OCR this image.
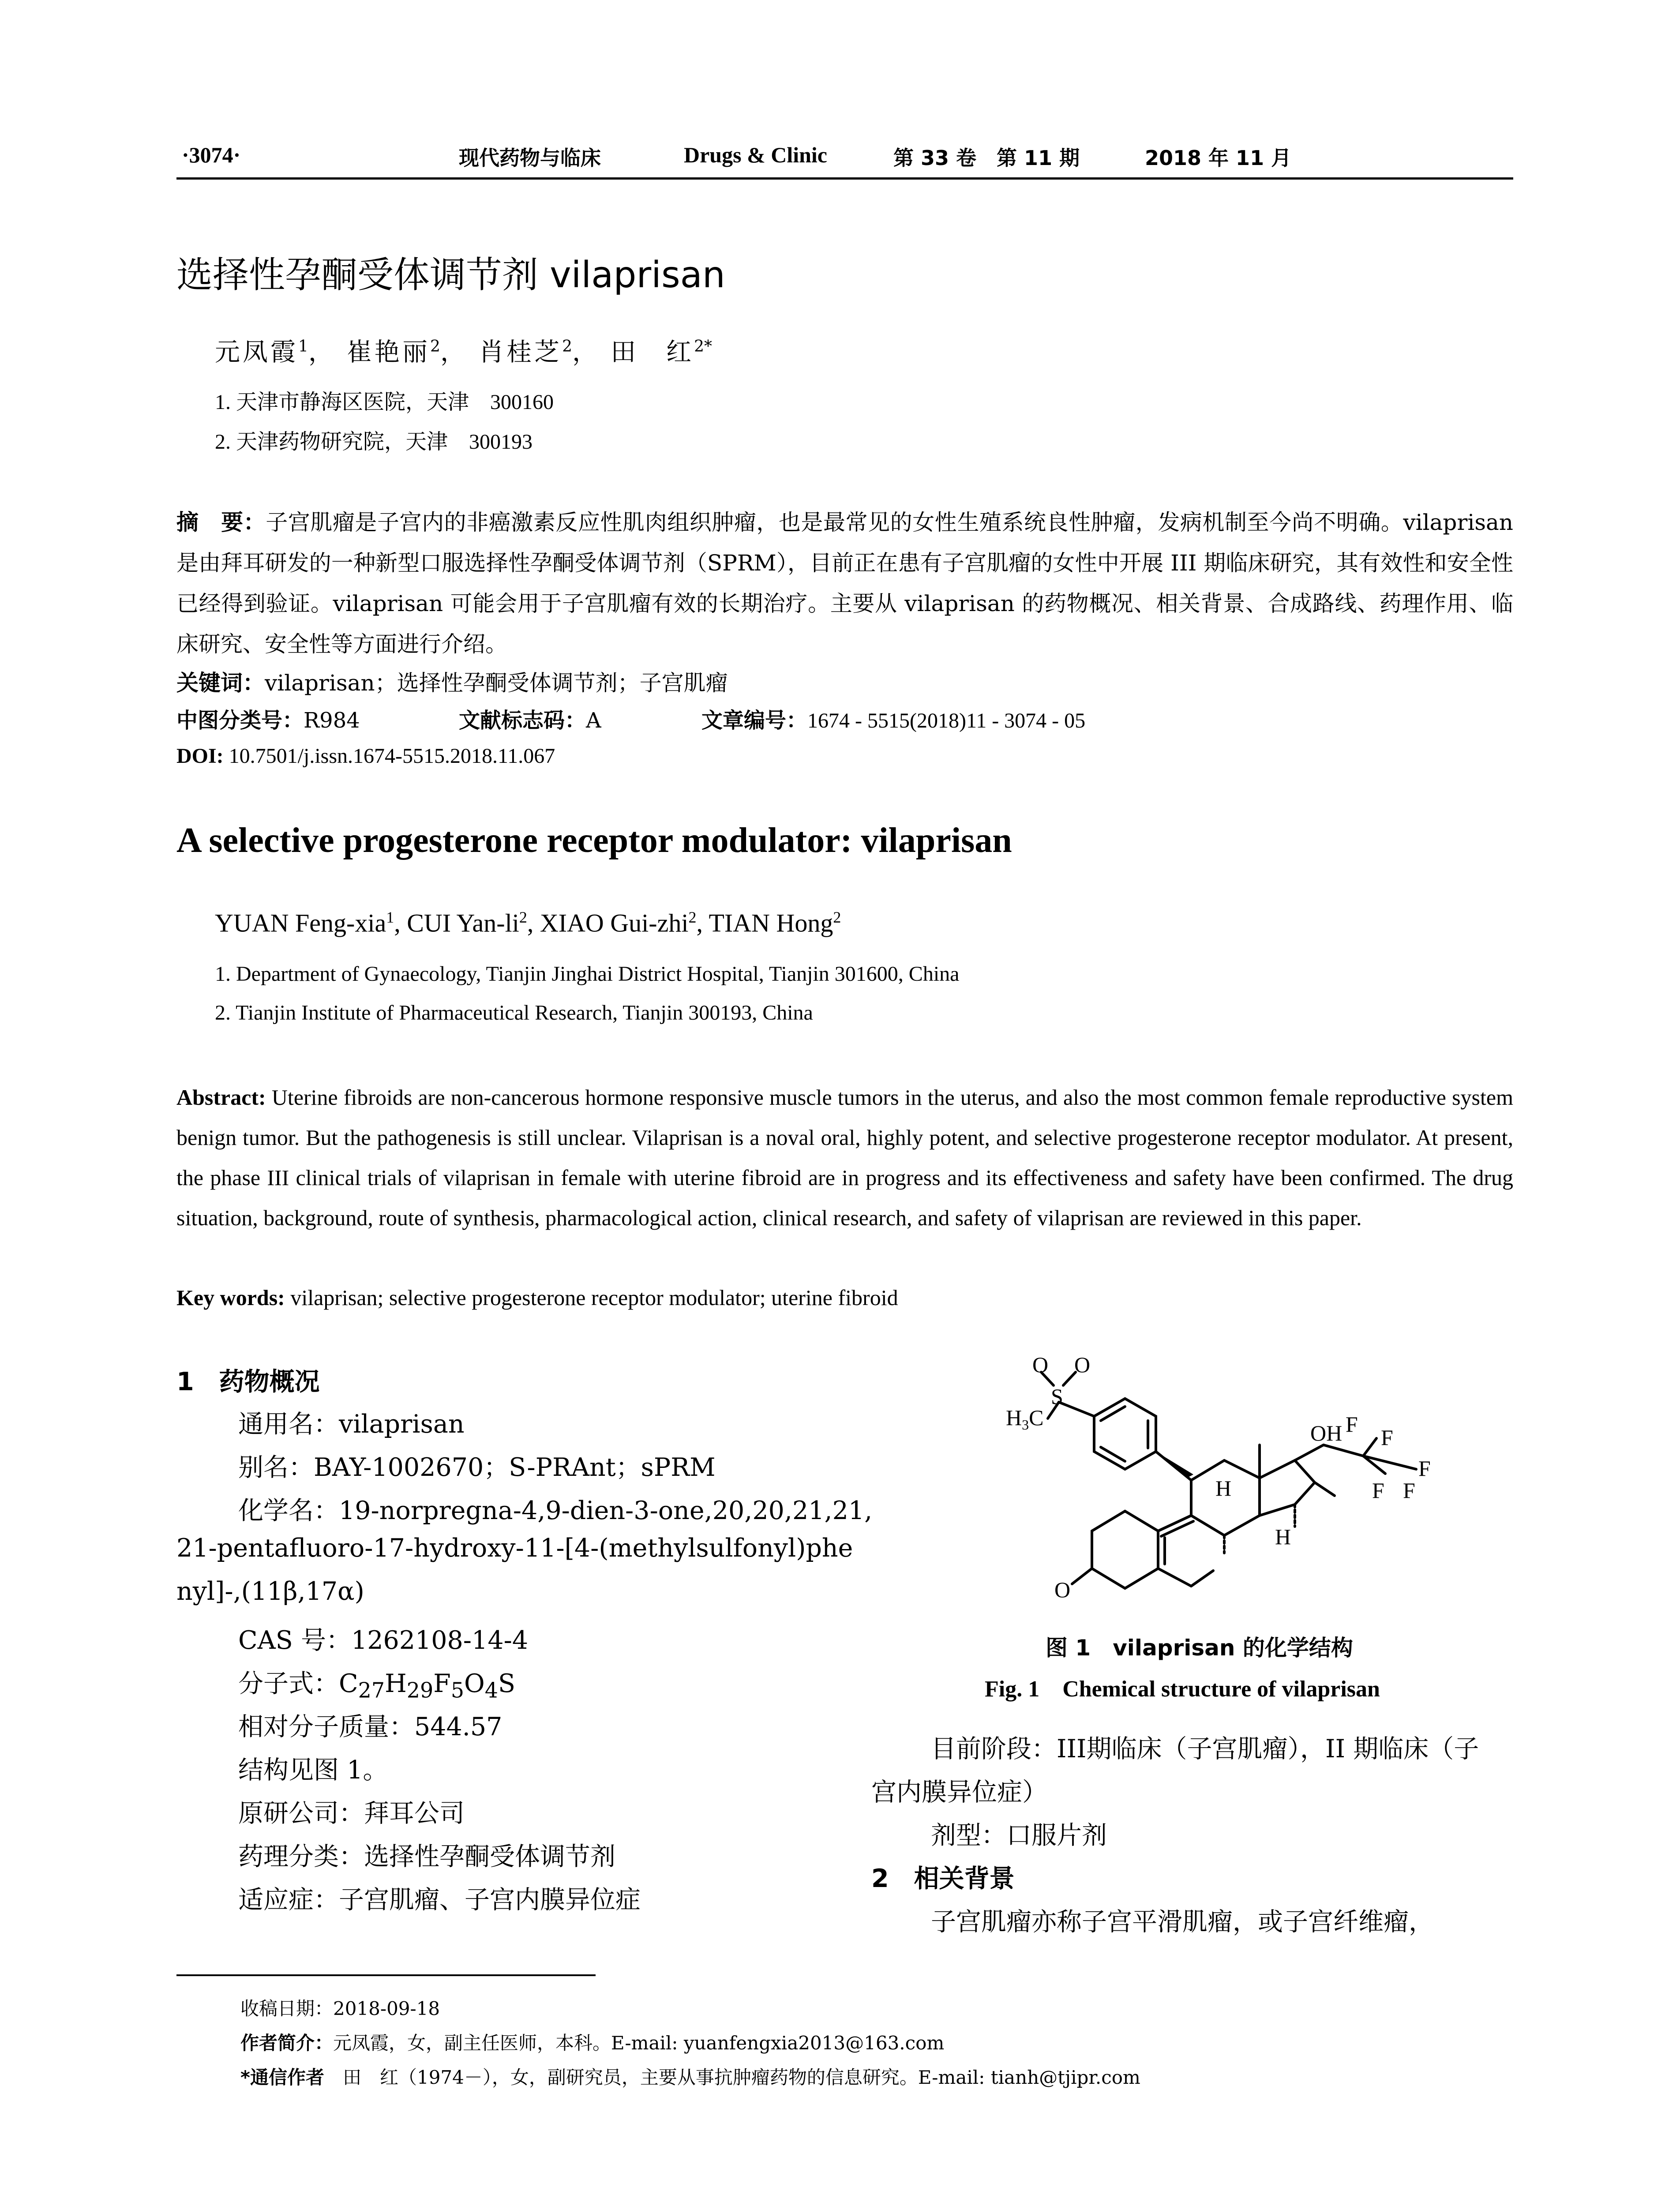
·3074·	现代药物与临床	Drugs & Clinic	第 33 卷　第 11 期	2018 年 11 月
选择性孕酮受体调节剂 vilaprisan
元凤霞$^1$， 崔艳丽$^2$， 肖桂芝$^2$， 田　红$^{2*}$
1. 天津市静海区医院，天津　300160
2. 天津药物研究院，天津　300193
摘　要：子宫肌瘤是子宫内的非癌激素反应性肌肉组织肿瘤，也是最常见的女性生殖系统良性肿瘤，发病机制至今尚不明确。vilaprisan 是由拜耳研发的一种新型口服选择性孕酮受体调节剂（SPRM），目前正在患有子宫肌瘤的女性中开展 III 期临床研究，其有效性和安全性已经得到验证。vilaprisan 可能会用于子宫肌瘤有效的长期治疗。主要从 vilaprisan 的药物概况、相关背景、合成路线、药理作用、临床研究、安全性等方面进行介绍。
关键词：vilaprisan；选择性孕酮受体调节剂；子宫肌瘤
中图分类号：R984	文献标志码：A	文章编号：1674 - 5515(2018)11 - 3074 - 05
DOI: 10.7501/j.issn.1674-5515.2018.11.067
A selective progesterone receptor modulator: vilaprisan
YUAN Feng-xia$^1$, CUI Yan-$li^2$, XIAO Gui-zhi$^2$, TIAN Hong$^2$
1. Department of Gynaecology, Tianjin Jinghai District Hospital, Tianjin 301600, China
2. Tianjin Institute of Pharmaceutical Research, Tianjin 300193, China
Abstract: Uterine fibroids are non-cancerous hormone responsive muscle tumors in the uterus, and also the most common female reproductive system benign tumor. But the pathogenesis is still unclear. Vilaprisan is a noval oral, highly potent, and selective progesterone receptor modulator. At present, the phase III clinical trials of vilaprisan in female with uterine fibroid are in progress and its effectiveness and safety have been confirmed. The drug situation, background, route of synthesis, pharmacological action, clinical research, and safety of vilaprisan are reviewed in this paper.
Key words: vilaprisan; selective progesterone receptor modulator; uterine fibroid
1　药物概况
通用名：vilaprisan
别名：BAY-1002670；S-PRAnt；sPRM
化学名：19-norpregna-4,9-dien-3-one,20,20,21,21,
21-pentafluoro-17-hydroxy-11-[4-(methylsulfonyl)phe
nyl]-,(11β,17α)
CAS 号：1262108-14-4
分子式：$C_{27}H_{29}F_5O_4S$
相对分子质量：544.57
结构见图 1。
原研公司：拜耳公司
药理分类：选择性孕酮受体调节剂
适应症：子宫肌瘤、子宫内膜异位症
O O
S
$H_3C$
OH F
F
F
F F
H
H
O
图 1　vilaprisan 的化学结构
Fig. 1　Chemical structure of vilaprisan
目前阶段：III期临床（子宫肌瘤），II 期临床（子
宫内膜异位症）
剂型：口服片剂
2　相关背景
子宫肌瘤亦称子宫平滑肌瘤，或子宫纤维瘤，
收稿日期：2018-09-18
作者简介：元凤霞，女，副主任医师，本科。E-mail: yuanfengxia2013@163.com
*通信作者　田　红（1974－），女，副研究员，主要从事抗肿瘤药物的信息研究。E-mail: tianh@tjipr.com
